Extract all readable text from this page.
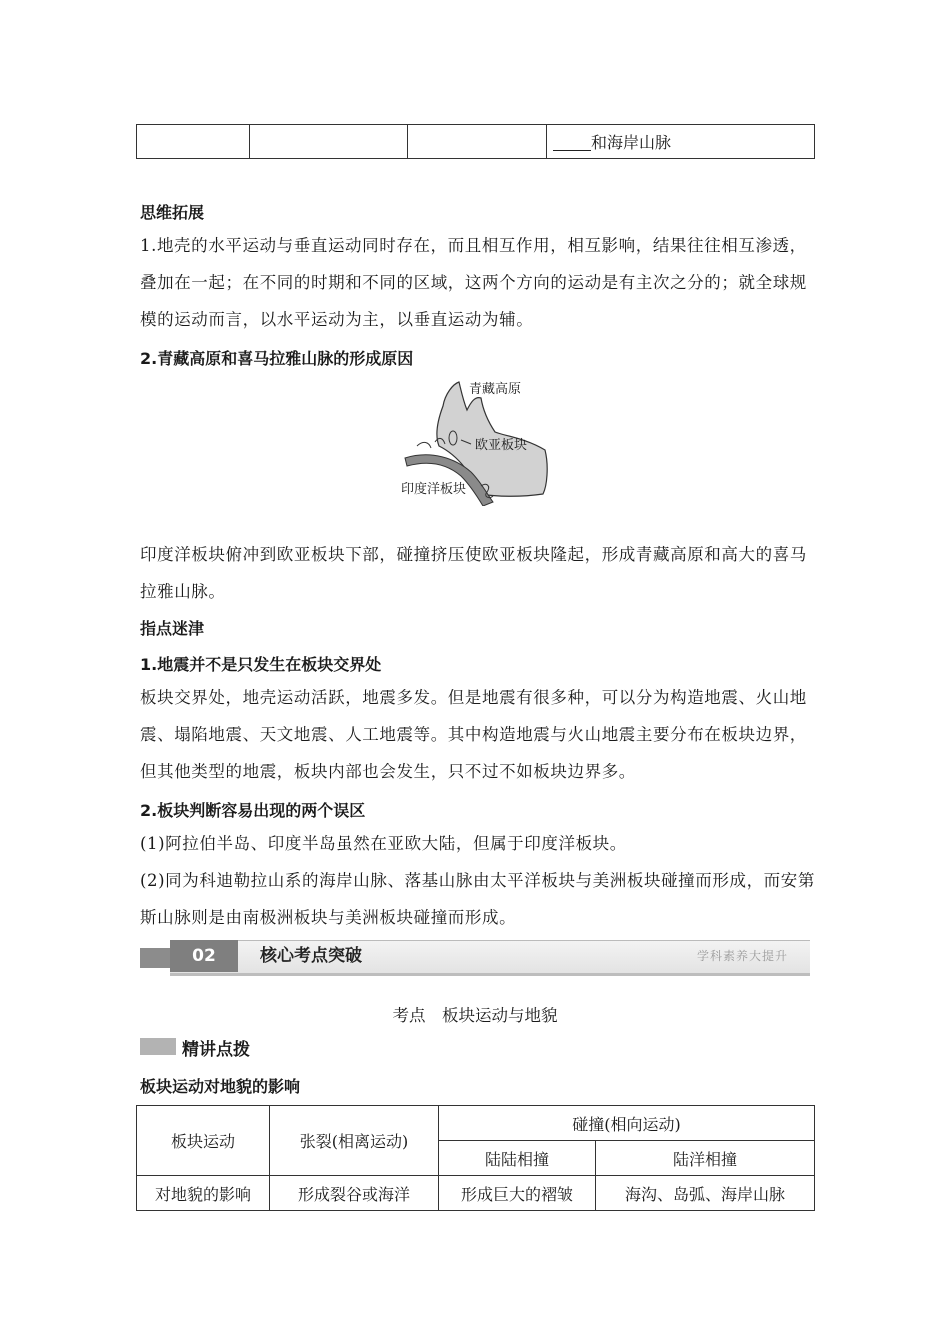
			和海岸山脉
思维拓展
1.地壳的水平运动与垂直运动同时存在，而且相互作用，相互影响，结果往往相互渗透，叠加在一起；在不同的时期和不同的区域，这两个方向的运动是有主次之分的；就全球规模的运动而言，以水平运动为主，以垂直运动为辅。
2.青藏高原和喜马拉雅山脉的形成原因
青藏高原
欧亚板块
印度洋板块
印度洋板块俯冲到欧亚板块下部，碰撞挤压使欧亚板块隆起，形成青藏高原和高大的喜马拉雅山脉。
指点迷津
1.地震并不是只发生在板块交界处
板块交界处，地壳运动活跃，地震多发。但是地震有很多种，可以分为构造地震、火山地震、塌陷地震、天文地震、人工地震等。其中构造地震与火山地震主要分布在板块边界，但其他类型的地震，板块内部也会发生，只不过不如板块边界多。
2.板块判断容易出现的两个误区
(1)阿拉伯半岛、印度半岛虽然在亚欧大陆，但属于印度洋板块。
(2)同为科迪勒拉山系的海岸山脉、落基山脉由太平洋板块与美洲板块碰撞而形成，而安第斯山脉则是由南极洲板块与美洲板块碰撞而形成。
02	核心考点突破	学科素养大提升
考点　板块运动与地貌
精讲点拨
板块运动对地貌的影响
板块运动	张裂(相离运动)	碰撞(相向运动)	
		陆陆相撞	陆洋相撞
对地貌的影响	形成裂谷或海洋	形成巨大的褶皱	海沟、岛弧、海岸山脉
